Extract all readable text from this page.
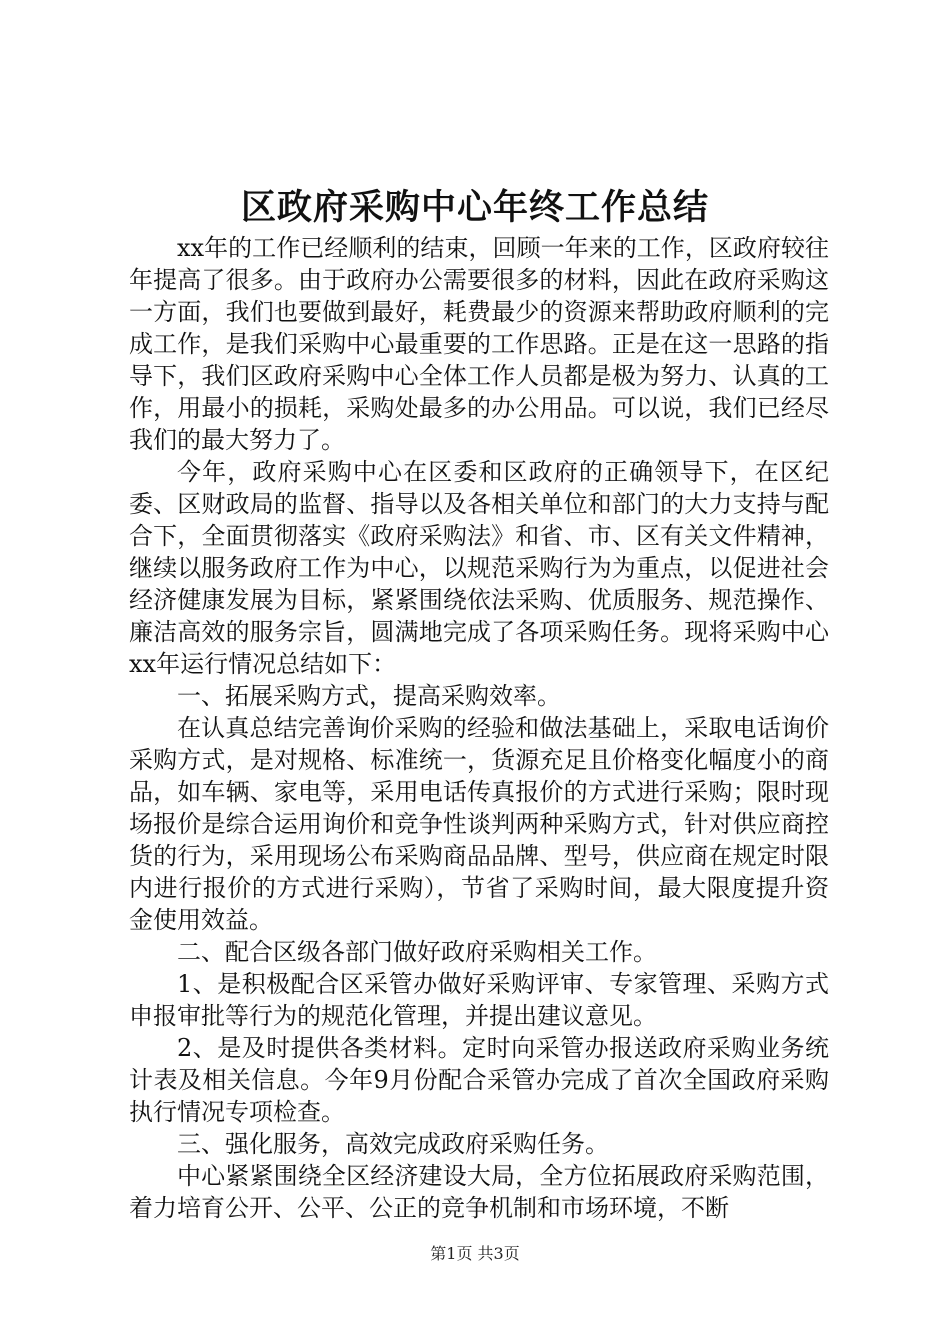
区政府采购中心年终工作总结

xx年的工作已经顺利的结束，回顾一年来的工作，区政府较往年提高了很多。由于政府办公需要很多的材料，因此在政府采购这一方面，我们也要做到最好，耗费最少的资源来帮助政府顺利的完成工作，是我们采购中心最重要的工作思路。正是在这一思路的指导下，我们区政府采购中心全体工作人员都是极为努力、认真的工作，用最小的损耗，采购处最多的办公用品。可以说，我们已经尽我们的最大努力了。

今年，政府采购中心在区委和区政府的正确领导下，在区纪委、区财政局的监督、指导以及各相关单位和部门的大力支持与配合下，全面贯彻落实《政府采购法》和省、市、区有关文件精神，继续以服务政府工作为中心，以规范采购行为为重点，以促进社会经济健康发展为目标，紧紧围绕依法采购、优质服务、规范操作、廉洁高效的服务宗旨，圆满地完成了各项采购任务。现将采购中心xx年运行情况总结如下：

一、拓展采购方式，提高采购效率。

在认真总结完善询价采购的经验和做法基础上，采取电话询价采购方式，是对规格、标准统一，货源充足且价格变化幅度小的商品，如车辆、家电等，采用电话传真报价的方式进行采购；限时现场报价是综合运用询价和竞争性谈判两种采购方式，针对供应商控货的行为，采用现场公布采购商品品牌、型号，供应商在规定时限内进行报价的方式进行采购），节省了采购时间，最大限度提升资金使用效益。

二、配合区级各部门做好政府采购相关工作。

1、是积极配合区采管办做好采购评审、专家管理、采购方式申报审批等行为的规范化管理，并提出建议意见。

2、是及时提供各类材料。定时向采管办报送政府采购业务统计表及相关信息。今年9月份配合采管办完成了首次全国政府采购执行情况专项检查。

三、强化服务，高效完成政府采购任务。

中心紧紧围绕全区经济建设大局，全方位拓展政府采购范围，着力培育公开、公平、公正的竞争机制和市场环境，不断

第1页 共3页
